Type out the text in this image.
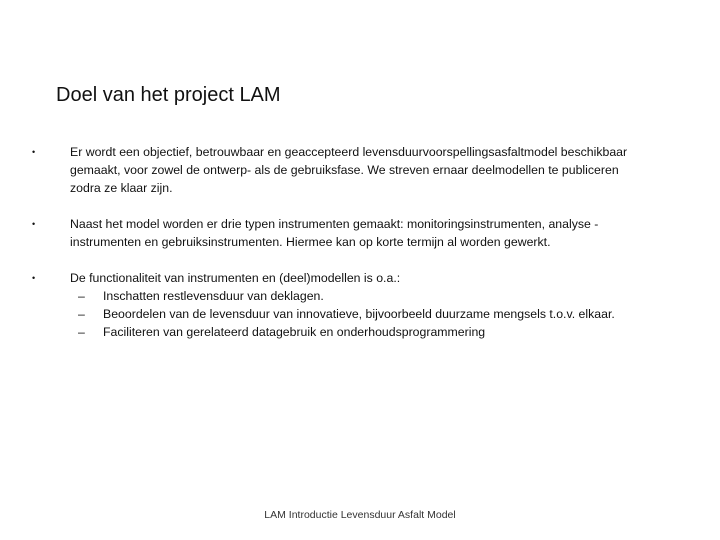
Doel van het project LAM
•	Er wordt een objectief, betrouwbaar en geaccepteerd levensduurvoorspellingsasfaltmodel beschikbaar gemaakt, voor zowel de ontwerp- als de gebruiksfase. We streven ernaar deelmodellen te publiceren zodra ze klaar zijn.
•	Naast het model worden er drie typen instrumenten gemaakt: monitoringsinstrumenten, analyse -instrumenten en gebruiksinstrumenten. Hiermee kan op korte termijn al worden gewerkt.
•	De functionaliteit van instrumenten en (deel)modellen is o.a.:
– Inschatten restlevensduur van deklagen.
– Beoordelen van de levensduur van innovatieve, bijvoorbeeld duurzame mengsels t.o.v. elkaar.
– Faciliteren van gerelateerd datagebruik en onderhoudsprogrammering
LAM Introductie Levensduur Asfalt Model
